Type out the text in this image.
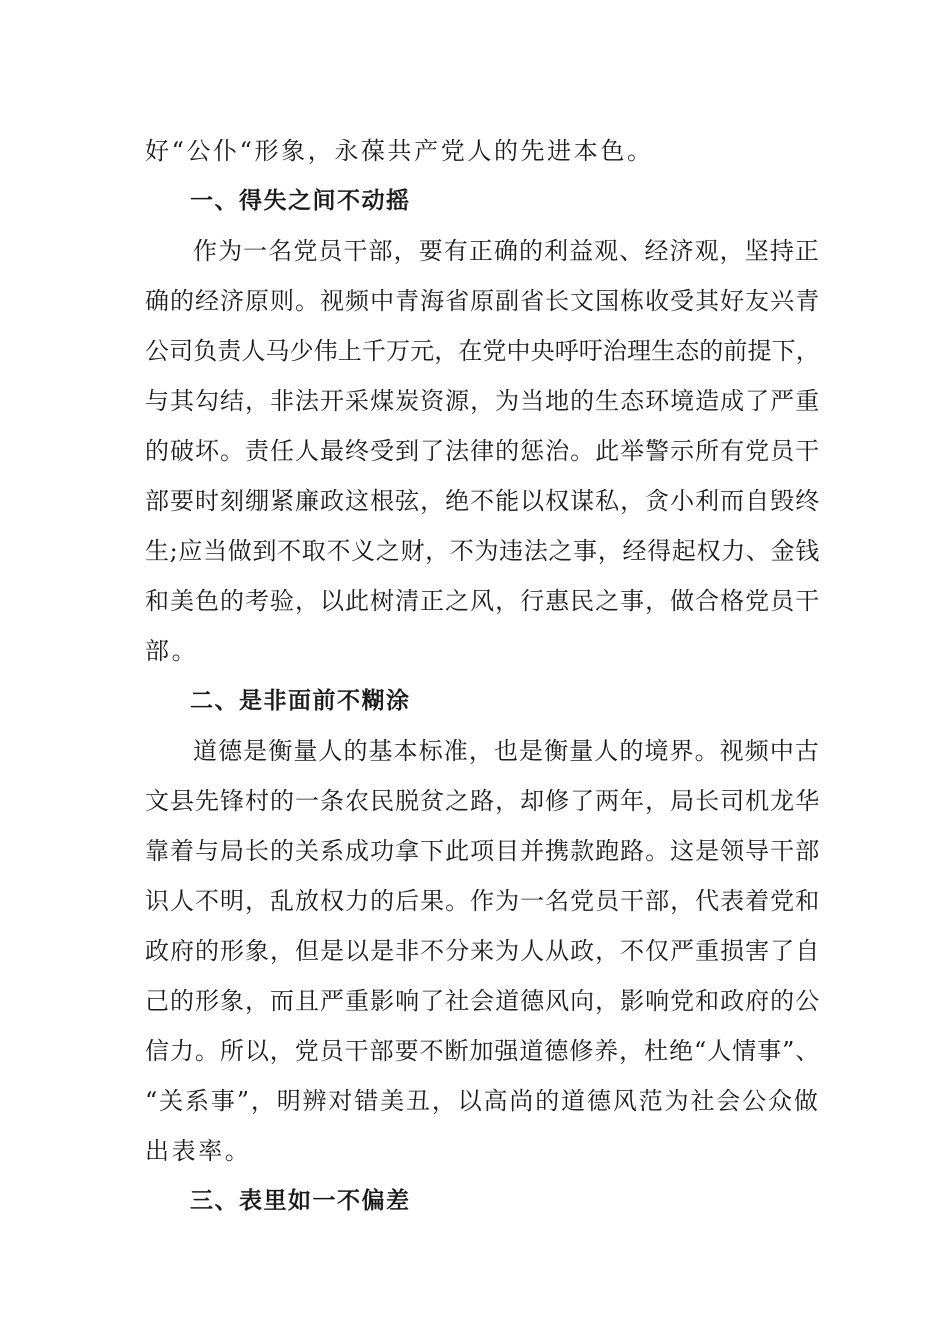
好“公仆“形象，永葆共产党人的先进本色。
一、得失之间不动摇
作为一名党员干部，要有正确的利益观、经济观，坚持正
确的经济原则。视频中青海省原副省长文国栋收受其好友兴青
公司负责人马少伟上千万元，在党中央呼吁治理生态的前提下，
与其勾结，非法开采煤炭资源，为当地的生态环境造成了严重
的破坏。责任人最终受到了法律的惩治。此举警示所有党员干
部要时刻绷紧廉政这根弦，绝不能以权谋私，贪小利而自毁终
生;应当做到不取不义之财，不为违法之事，经得起权力、金钱
和美色的考验，以此树清正之风，行惠民之事，做合格党员干
部。
二、是非面前不糊涂
道德是衡量人的基本标准，也是衡量人的境界。视频中古
文县先锋村的一条农民脱贫之路，却修了两年，局长司机龙华
靠着与局长的关系成功拿下此项目并携款跑路。这是领导干部
识人不明，乱放权力的后果。作为一名党员干部，代表着党和
政府的形象，但是以是非不分来为人从政，不仅严重损害了自
己的形象，而且严重影响了社会道德风向，影响党和政府的公
信力。所以，党员干部要不断加强道德修养，杜绝“人情事”、
“关系事”，明辨对错美丑，以高尚的道德风范为社会公众做
出表率。
三、表里如一不偏差
